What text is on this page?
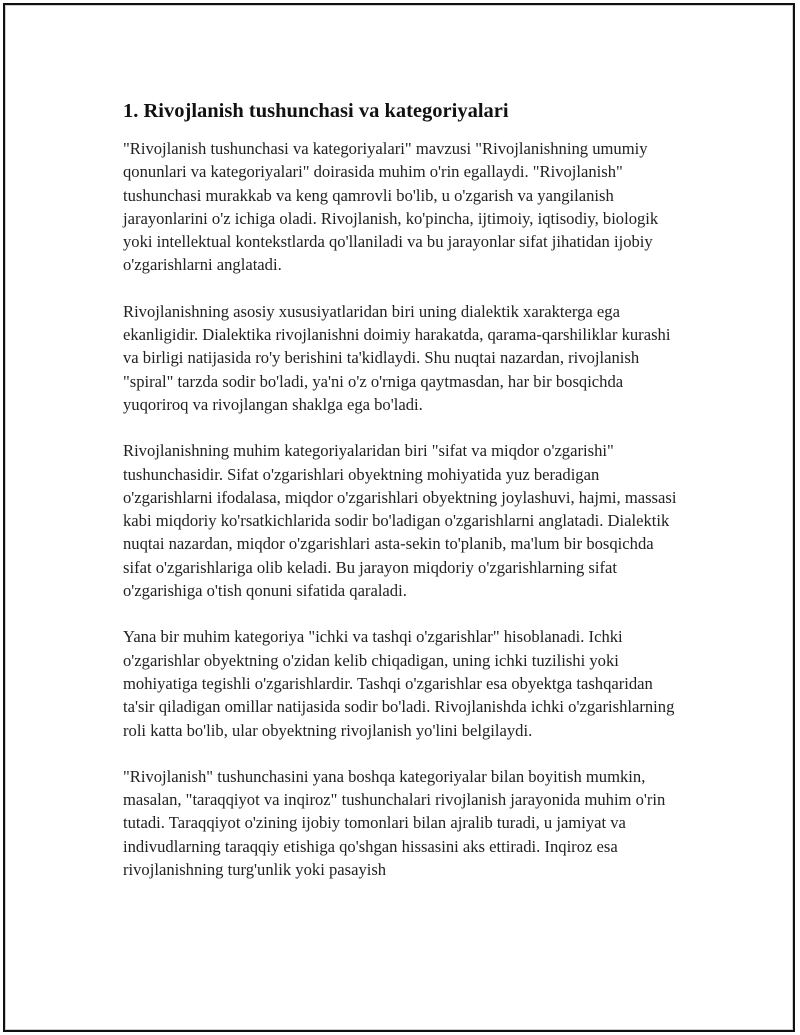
1. Rivojlanish tushunchasi va kategoriyalari

"Rivojlanish tushunchasi va kategoriyalari" mavzusi "Rivojlanishning umumiy qonunlari va kategoriyalari" doirasida muhim o'rin egallaydi. "Rivojlanish" tushunchasi murakkab va keng qamrovli bo'lib, u o'zgarish va yangilanish jarayonlarini o'z ichiga oladi. Rivojlanish, ko'pincha, ijtimoiy, iqtisodiy, biologik yoki intellektual kontekstlarda qo'llaniladi va bu jarayonlar sifat jihatidan ijobiy o'zgarishlarni anglatadi.

Rivojlanishning asosiy xususiyatlaridan biri uning dialektik xarakterga ega ekanligidir. Dialektika rivojlanishni doimiy harakatda, qarama-qarshiliklar kurashi va birligi natijasida ro'y berishini ta'kidlaydi. Shu nuqtai nazardan, rivojlanish "spiral" tarzda sodir bo'ladi, ya'ni o'z o'rniga qaytmasdan, har bir bosqichda yuqoriroq va rivojlangan shaklga ega bo'ladi.

Rivojlanishning muhim kategoriyalaridan biri "sifat va miqdor o'zgarishi" tushunchasidir. Sifat o'zgarishlari obyektning mohiyatida yuz beradigan o'zgarishlarni ifodalasa, miqdor o'zgarishlari obyektning joylashuvi, hajmi, massasi kabi miqdoriy ko'rsatkichlarida sodir bo'ladigan o'zgarishlarni anglatadi. Dialektik nuqtai nazardan, miqdor o'zgarishlari asta-sekin to'planib, ma'lum bir bosqichda sifat o'zgarishlariga olib keladi. Bu jarayon miqdoriy o'zgarishlarning sifat o'zgarishiga o'tish qonuni sifatida qaraladi.

Yana bir muhim kategoriya "ichki va tashqi o'zgarishlar" hisoblanadi. Ichki o'zgarishlar obyektning o'zidan kelib chiqadigan, uning ichki tuzilishi yoki mohiyatiga tegishli o'zgarishlardir. Tashqi o'zgarishlar esa obyektga tashqaridan ta'sir qiladigan omillar natijasida sodir bo'ladi. Rivojlanishda ichki o'zgarishlarning roli katta bo'lib, ular obyektning rivojlanish yo'lini belgilaydi.

"Rivojlanish" tushunchasini yana boshqa kategoriyalar bilan boyitish mumkin, masalan, "taraqqiyot va inqiroz" tushunchalari rivojlanish jarayonida muhim o'rin tutadi. Taraqqiyot o'zining ijobiy tomonlari bilan ajralib turadi, u jamiyat va indivudlarning taraqqiy etishiga qo'shgan hissasini aks ettiradi. Inqiroz esa rivojlanishning turg'unlik yoki pasayish
